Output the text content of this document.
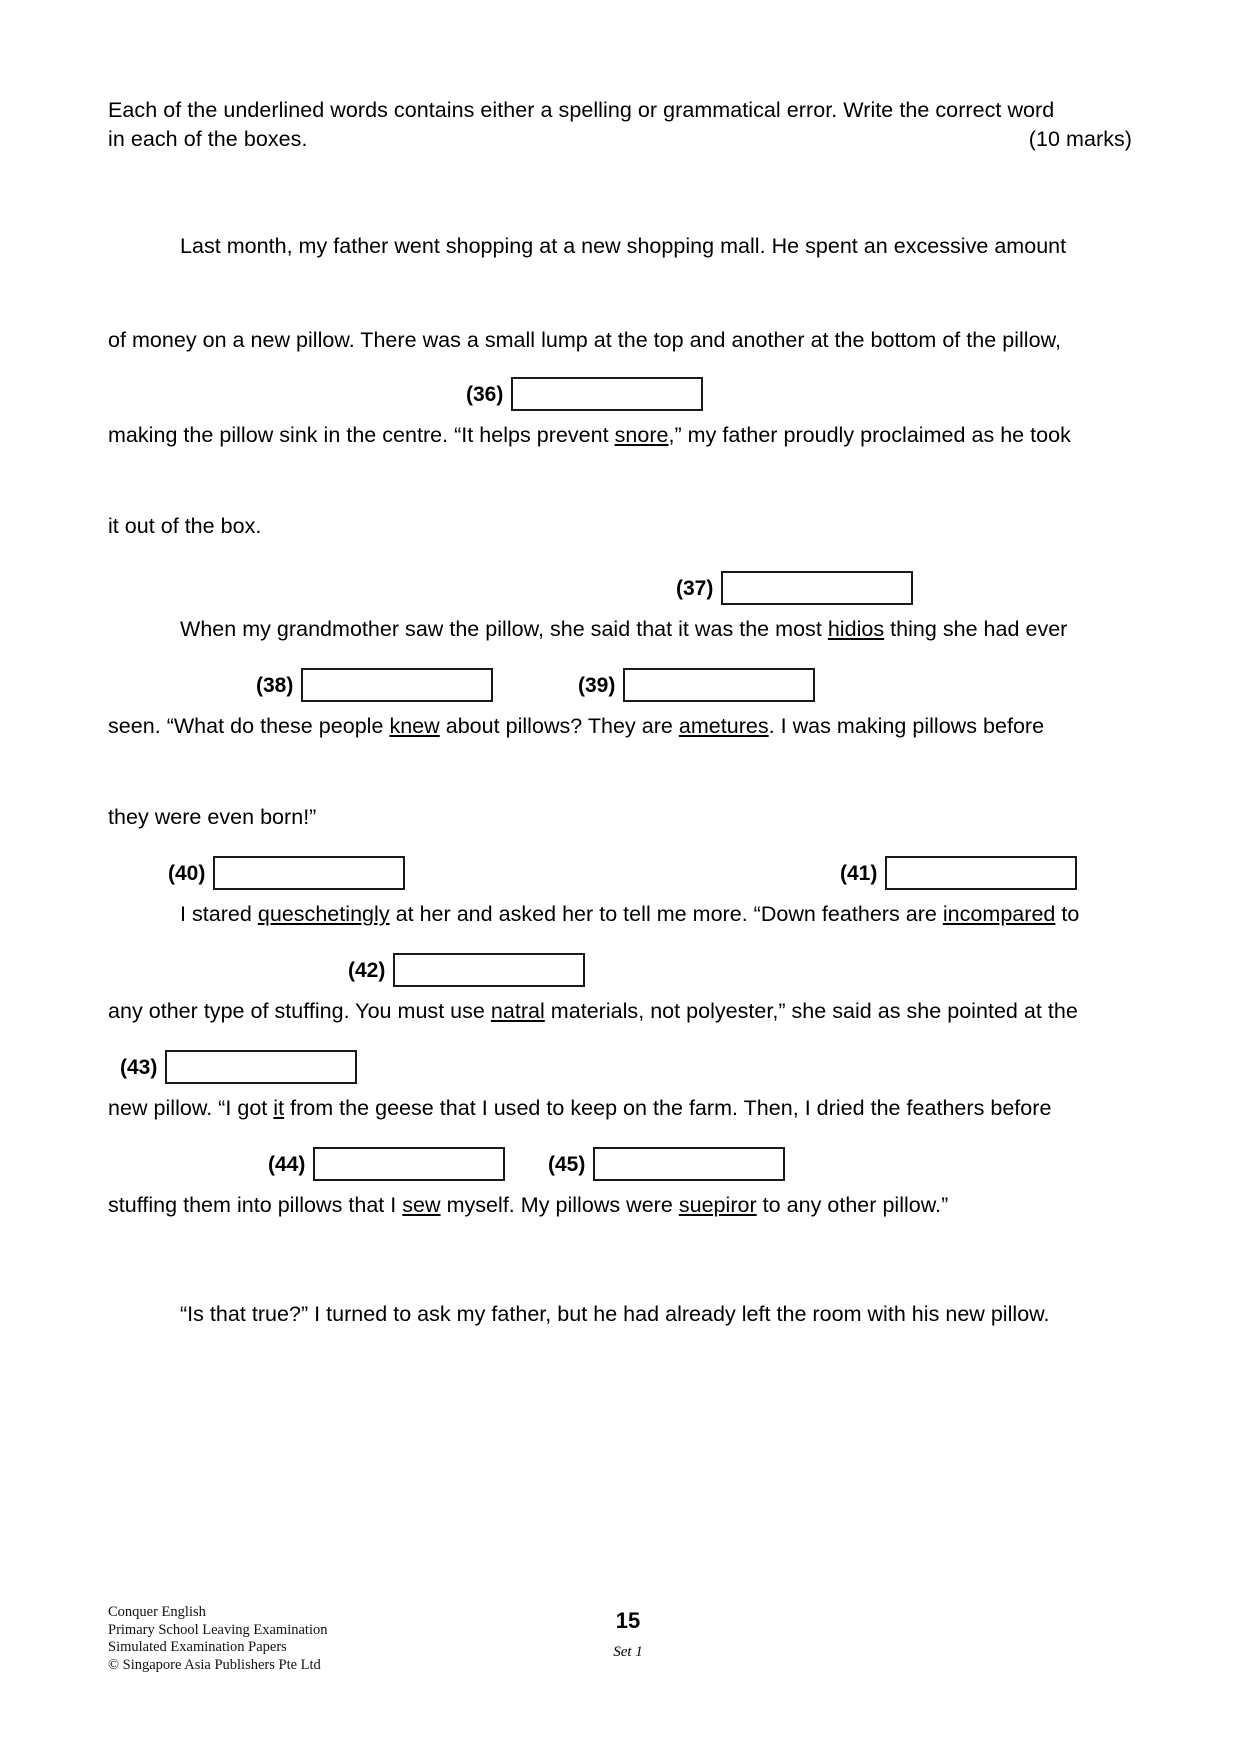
Each of the underlined words contains either a spelling or grammatical error. Write the correct word
in each of the boxes.	(10 marks)
Last month, my father went shopping at a new shopping mall. He spent an excessive amount
of money on a new pillow. There was a small lump at the top and another at the bottom of the pillow,
(36)
making the pillow sink in the centre. “It helps prevent snore,” my father proudly proclaimed as he took
it out of the box.
(37)
When my grandmother saw the pillow, she said that it was the most hidios thing she had ever
(38)	(39)
seen. “What do these people knew about pillows? They are ametures. I was making pillows before
they were even born!”
(40)	(41)
I stared queschetingly at her and asked her to tell me more. “Down feathers are incompared to
(42)
any other type of stuffing. You must use natral materials, not polyester,” she said as she pointed at the
(43)
new pillow. “I got it from the geese that I used to keep on the farm. Then, I dried the feathers before
(44)	(45)
stuffing them into pillows that I sew myself. My pillows were suepiror to any other pillow.”
“Is that true?” I turned to ask my father, but he had already left the room with his new pillow.
Conquer English
Primary School Leaving Examination
Simulated Examination Papers
© Singapore Asia Publishers Pte Ltd
15
Set 1
